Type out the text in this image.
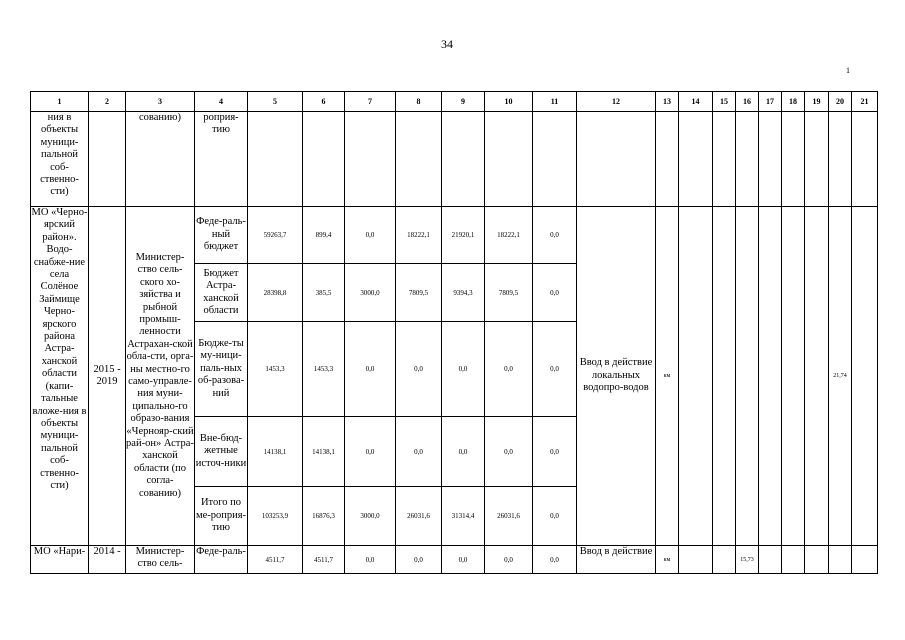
34
1
1	2	3	4	5	6	7	8	9	10	11	12	13	14	15	16	17	18	19	20	21
ния в объекты муници-пальной соб-ственно-сти)		сованию)	роприя-тию																	
МО «Черно-ярский район». Водо-снабже-ние села Солёное Займище Черно-ярского района Астра-ханской области (капи-тальные вложе-ния в объекты муници-пальной соб-ственно-сти)	2015 - 2019	Министер-ство сель-ского хо-зяйства и рыбной промыш-ленности Астрахан-ской обла-сти, орга-ны местно-го само-управле-ния муни-ципально-го образо-вания «Чернояр-ский рай-он» Астра-ханской области (по согла-сованию)	Феде-раль-ный бюджет	59263,7	899,4	0,0	18222,1	21920,1	18222,1	0,0	Ввод в действие локальных водопро-водов	км							21,74	
			Бюджет Астра-ханской области	28398,8	385,5	3000,0	7809,5	9394,3	7809,5	0,0										
			Бюдже-ты му-ници-паль-ных об-разова-ний	1453,3	1453,3	0,0	0,0	0,0	0,0	0,0										
			Вне-бюд-жетные источ-ники	14138,1	14138,1	0,0	0,0	0,0	0,0	0,0										
			Итого по ме-роприя-тию	103253,9	16876,3	3000,0	26031,6	31314,4	26031,6	0,0										
МО «Нари-	2014 -	Министер-ство сель-	Феде-раль-	4511,7	4511,7	0,0	0,0	0,0	0,0	0,0	Ввод в действие	км			15,73					
